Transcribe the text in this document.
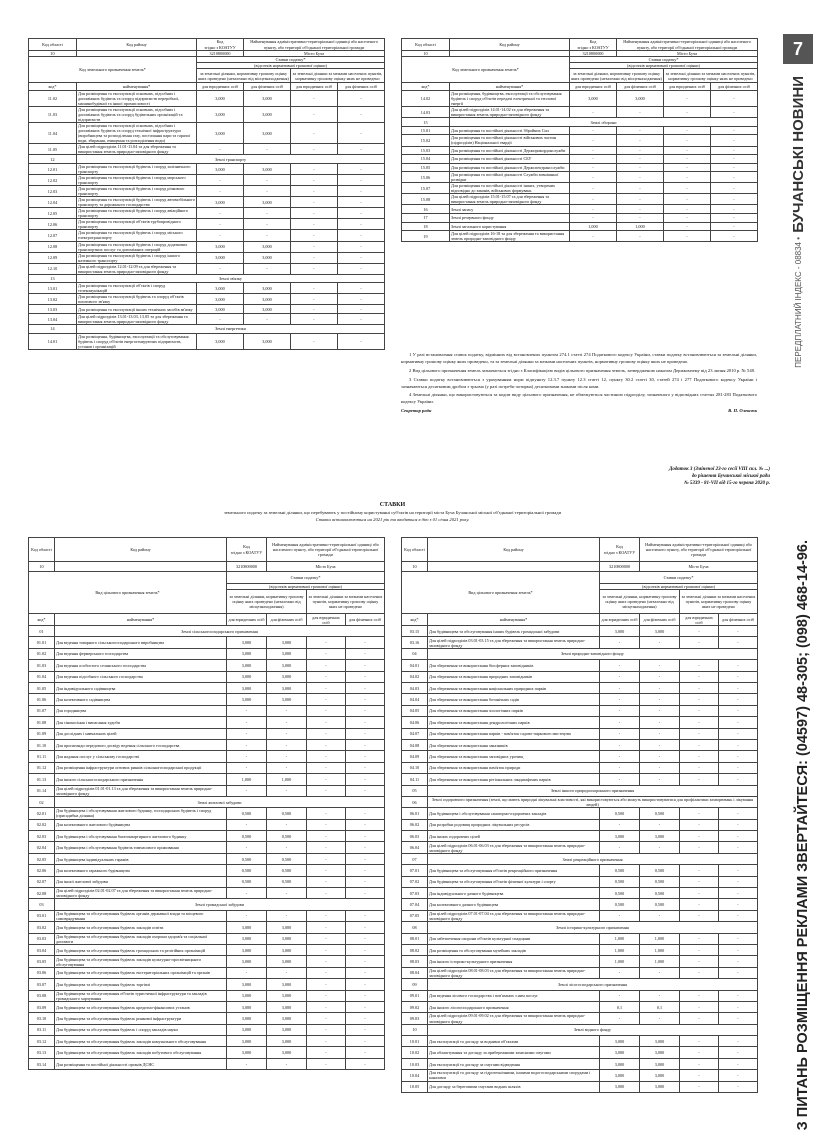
7
ПЕРЕДПЛАТНИЙ ІНДЕКС - 08834 • БУЧАНСЬКІ НОВИНИ
З ПИТАНЬ РОЗМІЩЕННЯ РЕКЛАМИ ЗВЕРТАЙТЕСЯ: (04597) 48-305; (098) 468-14-96.
Код області	Код району	Код
згідно з КОАТУУ	Найменування адміністративно-територіальної одиниці або населеного пункту, або території об'єднаної територіальної громади		
10		3210800000	Місто Буча		
Код земельного призначення земель*		Ставки податку*			
		(відсотків нормативної грошової оцінки)			
		за земельні ділянки, нормативну грошову оцінку яких проведено (незалежно від місцезнаходження)		за земельні ділянки за межами населених пунктів, нормативну грошову оцінку яких не проведено	
код*	найменування*	для юридичних осіб	для фізичних осіб	для юридичних осіб	для фізичних осіб
11.02	Для розміщення та експлуатації основних, підсобних і допоміжних будівель та споруд підприємств переробної, машинобудівної та іншої промисловості	3,000	3,000	-	-
11.03	Для розміщення та експлуатації основних, підсобних і допоміжних будівель та споруд будівельних організацій та підприємств	3,000	3,000	-	-
11.04	Для розміщення та експлуатації основних, підсобних і допоміжних будівель та споруд технічної інфраструктури (виробництва та розподілення газу, постачання пари та гарячої води, збирання, очищення та розподілення води)	3,000	3,000	-	-
11.05	Для цілей підрозділів 11.01-11.04 та для збереження та використання земель природно-заповідного фонду	-	-	-	-
12	Землі транспорту				
12.01	Для розміщення та експлуатації будівель і споруд залізничного транспорту	3,000	3,000	-	-
12.02	Для розміщення та експлуатації будівель і споруд морського транспорту	-	-	-	-
12.03	Для розміщення та експлуатації будівель і споруд річкового транспорту	-	-	-	-
12.04	Для розміщення та експлуатації будівель і споруд автомобільного транспорту та дорожнього господарства	3,000	3,000	-	-
12.05	Для розміщення та експлуатації будівель і споруд авіаційного транспорту	-	-	-	-
12.06	Для розміщення та експлуатації об'єктів трубопровідного транспорту	-	-	-	-
12.07	Для розміщення та експлуатації будівель і споруд міського електротранспорту	-	-	-	-
12.08	Для розміщення та експлуатації будівель і споруд додаткових транспортних послуг та допоміжних операцій	3,000	3,000	-	-
12.09	Для розміщення та експлуатації будівель і споруд іншого наземного транспорту	3,000	3,000	-	-
12.10	Для цілей підрозділів 12.01-12.09 та для збереження та використання земель природно-заповідного фонду	-	-	-	-
13	Землі зв'язку				
13.01	Для розміщення та експлуатації об'єктів і споруд телекомунікацій	3,000	3,000	-	-
13.02	Для розміщення та експлуатації будівель та споруд об'єктів поштового зв'язку	3,000	3,000	-	-
13.03	Для розміщення та експлуатації інших технічних засобів зв'язку	3,000	3,000	-	-
13.04	Для цілей підрозділів 13.01-13.03, 13.05 та для збереження та використання земель природно-заповідного фонду	-	-	-	-
14	Землі енергетики				
14.01	Для розміщення, будівництва, експлуатації та обслуговування будівель і споруд об'єктів енергогенеруючих підприємств, установ і організацій	3,000	3,000	-	-
Код області	Код району	Код
згідно з КОАТУУ	Найменування адміністративно-територіальної одиниці або населеного пункту, або території об'єднаної територіальної громади		
10		3210800000	Місто Буча		
Код земельного призначення земель*		Ставки податку*			
		(відсотків нормативної грошової оцінки)			
		за земельні ділянки, нормативну грошову оцінку яких проведено (незалежно від місцезнаходження)		за земельні ділянки за межами населених пунктів, нормативну грошову оцінку яких не проведено	
код*	найменування*	для юридичних осіб	для фізичних осіб	для юридичних осіб	для фізичних осіб
14.02	Для розміщення, будівництва, експлуатації та обслуговування будівель і споруд об'єктів передачі електричної та теплової енергії	3,000	3,000	-	-
14.03	Для цілей підрозділів 14.01-14.02 та для збереження та використання земель природно-заповідного фонду	-	-	-	-
15	Землі оборони				
15.01	Для розміщення та постійної діяльності Збройних Сил	-	-	-	-
15.02	Для розміщення та постійної діяльності військових частин (підрозділів) Національної гвардії	-	-	-	-
15.03	Для розміщення та постійної діяльності Держприкордонслужби	-	-	-	-
15.04	Для розміщення та постійної діяльності СБУ	-	-	-	-
15.05	Для розміщення та постійної діяльності Держспецтрансслужби	-	-	-	-
15.06	Для розміщення та постійної діяльності Служби зовнішньої розвідки	-	-	-	-
15.07	Для розміщення та постійної діяльності інших, утворених відповідно до законів, військових формувань	-	-	-	-
15.08	Для цілей підрозділів 15.01-15.07 та для збереження та використання земель природно-заповідного фонду	-	-	-	-
16	Землі запасу	-	-	-	-
17	Землі резервного фонду	-	-	-	-
18	Землі загального користування	1,000	1,000	-	-
19	Для цілей підрозділів 16-18 та для збереження та використання земель природно-заповідного фонду	-	-	-	-

1 У разі встановлення ставок податку, відмінних від встановлених пунктом 274.1 статті 274 Податкового кодексу України, ставки податку встановлюються за земельні ділянки, нормативну грошову оцінку яких проведено, та за земельні ділянки за межами населених пунктів, нормативну грошову оцінку яких не проведено.

2 Вид цільового призначення земель зазначається згідно з Класифікацією видів цільового призначення земель, затвердженою наказом Держкомзему від 23 липня 2010 р. № 548.

3 Ставки податку встановлюються з урахуванням норм підпункту 12.3.7 пункту 12.3 статті 12, пункту 30.2 статті 30, статей 274 і 277 Податкового кодексу України і зазначаються десятковим дробом з трьома (у разі потреби чотирма) десятковими знаками після коми.

4 Земельні ділянки, що використовуються за кодом виду цільового призначення, не обмежуються частиною підрозділу, зазначеного у відповідних статтях 281-283 Податкового кодексу України.

Секретар ради	В. П. Олексюк
Додаток 3 (Зміненої 23-го сесії VIII скл. № ...)
до рішення Бучанської міської ради
№ 5339 - 81-VII від 15-го червня 2020 р.
СТАВКИ
земельного податку за земельні ділянки, що перебувають у постійному користуванні суб'єктів на території міста Буча Бучанської міської об'єднаної територіальної громади
Ставки встановлюються на 2021 рік та вводяться в дію з 01 січня 2021 року.
Код області	Код району	Код
згідно з КОАТУУ	Найменування адміністративно-територіальної одиниці або населеного пункту, або території об'єднаної територіальної громади		
10		3210800000	Місто Буча		
Вид цільового призначення земель*		Ставки податку*			
		(відсотків нормативної грошової оцінки)			
		за земельні ділянки, нормативну грошову оцінку яких проведено (незалежно від місцезнаходження)		за земельні ділянки за межами населених пунктів, нормативну грошову оцінку яких не проведено	
код*	найменування*	для юридичних осіб	для фізичних осіб	для юридичних осіб	для фізичних осіб
01	Землі сільськогосподарського призначення				
01.01	Для ведення товарного сільськогосподарського виробництва	3,000	3,000	-	-
01.02	Для ведення фермерського господарства	3,000	3,000	-	-
01.03	Для ведення особистого селянського господарства	3,000	3,000	-	-
01.04	Для ведення підсобного сільського господарства	3,000	3,000	-	-
01.05	Для індивідуального садівництва	3,000	3,000	-	-
01.06	Для колективного садівництва	3,000	3,000	-	-
01.07	Для городництва	-	-	-	-
01.08	Для сінокосіння і випасання худоби	-	-	-	-
01.09	Для дослідних і навчальних цілей	-	-	-	-
01.10	Для пропаганди передового досвіду ведення сільського господарства	-	-	-	-
01.11	Для надання послуг у сільському господарстві	-	-	-	-
01.12	Для розміщення інфраструктури оптових ринків сільськогосподарської продукції	-	-	-	-
01.13	Для іншого сільськогосподарського призначення	1,000	1,000	-	-
01.14	Для цілей підрозділів 01.01-01.13 та для збереження та використання земель природно-заповідного фонду	-	-	-	-
02	Землі житлової забудови				
02.01	Для будівництва і обслуговування житлового будинку, господарських будівель і споруд (присадибна ділянка)	0,500	0,500	-	-
02.02	Для колективного житлового будівництва	-	-	-	-
02.03	Для будівництва і обслуговування багатоквартирного житлового будинку	0,500	0,500	-	-
02.04	Для будівництва і обслуговування будівель тимчасового проживання	-	-	-	-
02.05	Для будівництва індивідуальних гаражів	0,500	0,500	-	-
02.06	Для колективного гаражного будівництва	0,500	0,500	-	-
02.07	Для іншої житлової забудови	0,500	0,500	-	-
02.08	Для цілей підрозділів 02.01-02.07 та для збереження та використання земель природно-заповідного фонду	-	-	-	-
03	Землі громадської забудови				
03.01	Для будівництва та обслуговування будівель органів державної влади та місцевого самоврядування	-	-	-	-
03.02	Для будівництва та обслуговування будівель закладів освіти	3,000	3,000	-	-
03.03	Для будівництва та обслуговування будівель закладів охорони здоров'я та соціальної допомоги	3,000	3,000	-	-
03.04	Для будівництва та обслуговування будівель громадських та релігійних організацій	3,000	3,000	-	-
03.05	Для будівництва та обслуговування будівель закладів культурно-просвітницького обслуговування	3,000	3,000	-	-
03.06	Для будівництва та обслуговування будівель екстериторіальних організацій та органів	-	-	-	-
03.07	Для будівництва та обслуговування будівель торгівлі	3,000	3,000	-	-
03.08	Для будівництва та обслуговування об'єктів туристичної інфраструктури та закладів громадського харчування	3,000	3,000	-	-
03.09	Для будівництва та обслуговування будівель кредитно-фінансових установ	3,000	3,000	-	-
03.10	Для будівництва та обслуговування будівель ринкової інфраструктури	3,000	3,000	-	-
03.11	Для будівництва та обслуговування будівель і споруд закладів науки	3,000	3,000	-	-
03.12	Для будівництва та обслуговування будівель закладів комунального обслуговування	3,000	3,000	-	-
03.13	Для будівництва та обслуговування будівель закладів побутового обслуговування	3,000	3,000	-	-
03.14	Для розміщення та постійної діяльності органів ДСНС	-	-	-	-
Код області	Код району	Код
згідно з КОАТУУ	Найменування адміністративно-територіальної одиниці або населеного пункту, або території об'єднаної територіальної громади		
10		3210800000	Місто Буча		
Вид цільового призначення земель*		Ставки податку*			
		(відсотків нормативної грошової оцінки)			
		за земельні ділянки, нормативну грошову оцінку яких проведено (незалежно від місцезнаходження)		за земельні ділянки за межами населених пунктів, нормативну грошову оцінку яких не проведено	
код*	найменування*	для юридичних осіб	для фізичних осіб	для юридичних осіб	для фізичних осіб
03.15	Для будівництва та обслуговування інших будівель громадської забудови	3,000	3,000	-	-
03.16	Для цілей підрозділів 03.01-03.15 та для збереження та використання земель природно-заповідного фонду	-	-	-	-
04	Землі природно-заповідного фонду				
04.01	Для збереження та використання біосферних заповідників	-	-	-	-
04.02	Для збереження та використання природних заповідників	-	-	-	-
04.03	Для збереження та використання національних природних парків	-	-	-	-
04.04	Для збереження та використання ботанічних садів	-	-	-	-
04.05	Для збереження та використання зоологічних парків	-	-	-	-
04.06	Для збереження та використання дендрологічних парків	-	-	-	-
04.07	Для збереження та використання парків - пам'яток садово-паркового мистецтва	-	-	-	-
04.08	Для збереження та використання заказників	-	-	-	-
04.09	Для збереження та використання заповідних урочищ	-	-	-	-
04.10	Для збереження та використання пам'яток природи	-	-	-	-
04.11	Для збереження та використання регіональних ландшафтних парків	-	-	-	-
05	Землі іншого природоохоронного призначення				
06	Землі оздоровчого призначення (землі, що мають природні лікувальні властивості, які використовуються або можуть використовуватися для профілактики захворювань і лікування людей)				
06.01	Для будівництва і обслуговування санаторно-оздоровчих закладів	0,500	0,500	-	-
06.02	Для розробки родовищ природних лікувальних ресурсів	-	-	-	-
06.03	Для інших оздоровчих цілей	3,000	3,000	-	-
06.04	Для цілей підрозділів 06.01-06.03 та для збереження та використання земель природно-заповідного фонду	-	-	-	-
07	Землі рекреаційного призначення				
07.01	Для будівництва та обслуговування об'єктів рекреаційного призначення	0,500	0,500	-	-
07.02	Для будівництва та обслуговування об'єктів фізичної культури і спорту	0,500	0,500	-	-
07.03	Для індивідуального дачного будівництва	0,500	0,500	-	-
07.04	Для колективного дачного будівництва	0,500	0,500	-	-
07.05	Для цілей підрозділів 07.01-07.04 та для збереження та використання земель природно-заповідного фонду	-	-	-	-
08	Землі історико-культурного призначення				
08.01	Для забезпечення охорони об'єктів культурної спадщини	1,000	1,000	-	-
08.02	Для розміщення та обслуговування музейних закладів	1,000	1,000	-	-
08.03	Для іншого історико-культурного призначення	1,000	1,000	-	-
08.04	Для цілей підрозділів 08.01-08.03 та для збереження та використання земель природно-заповідного фонду	-	-	-	-
09	Землі лісогосподарського призначення				
09.01	Для ведення лісового господарства і пов'язаних з ним послуг	-	-	-	-
09.02	Для іншого лісогосподарського призначення	0,1	0,1	-	-
09.03	Для цілей підрозділів 09.01-09.02 та для збереження та використання земель природно-заповідного фонду	-	-	-	-
10	Землі водного фонду				
10.01	Для експлуатації та догляду за водними об'єктами	3,000	3,000	-	-
10.02	Для облаштування та догляду за прибережними захисними смугами	3,000	3,000	-	-
10.03	Для експлуатації та догляду за смугами відведення	3,000	3,000	-	-
10.04	Для експлуатації та догляду за гідротехнічними, іншими водогосподарськими спорудами і каналами	3,000	3,000	-	-
10.05	Для догляду за береговими смугами водних шляхів	3,000	3,000	-	-
